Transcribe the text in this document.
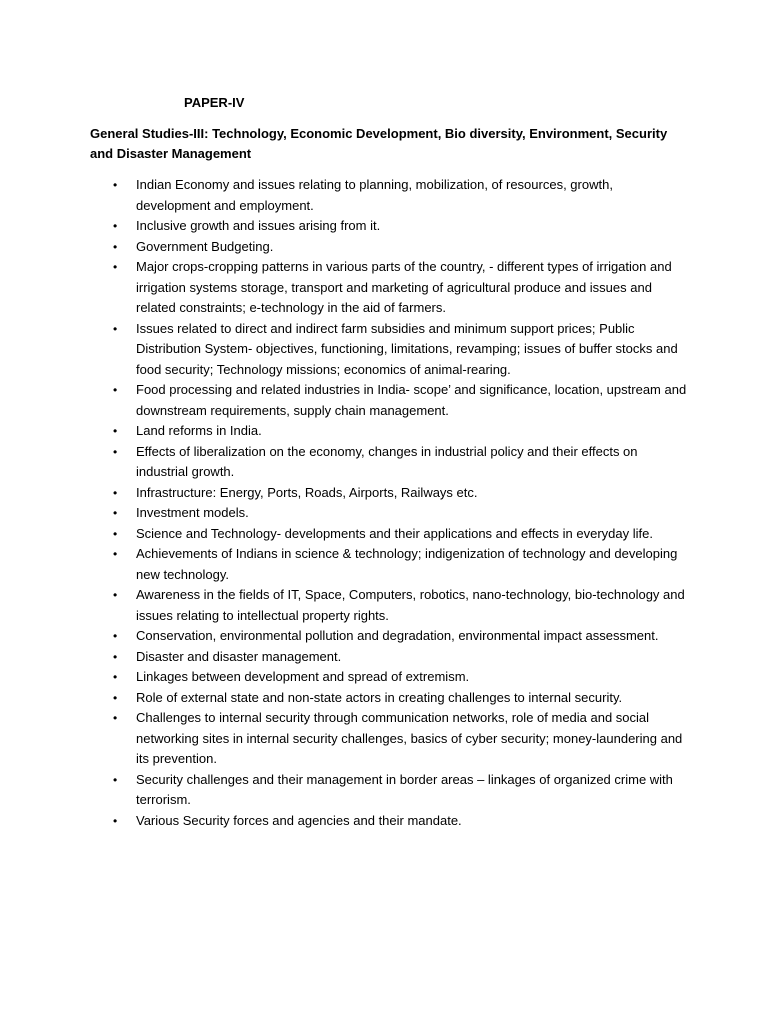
PAPER-IV

General Studies-III: Technology, Economic Development, Bio diversity, Environment, Security and Disaster Management

• Indian Economy and issues relating to planning, mobilization, of resources, growth, development and employment.
• Inclusive growth and issues arising from it.
• Government Budgeting.
• Major crops-cropping patterns in various parts of the country, - different types of irrigation and irrigation systems storage, transport and marketing of agricultural produce and issues and related constraints; e-technology in the aid of farmers.
• Issues related to direct and indirect farm subsidies and minimum support prices; Public Distribution System- objectives, functioning, limitations, revamping; issues of buffer stocks and food security; Technology missions; economics of animal-rearing.
• Food processing and related industries in India- scope’ and significance, location, upstream and downstream requirements, supply chain management.
• Land reforms in India.
• Effects of liberalization on the economy, changes in industrial policy and their effects on industrial growth.
• Infrastructure: Energy, Ports, Roads, Airports, Railways etc.
• Investment models.
• Science and Technology- developments and their applications and effects in everyday life.
• Achievements of Indians in science & technology; indigenization of technology and developing new technology.
• Awareness in the fields of IT, Space, Computers, robotics, nano-technology, bio-technology and issues relating to intellectual property rights.
• Conservation, environmental pollution and degradation, environmental impact assessment.
• Disaster and disaster management.
• Linkages between development and spread of extremism.
• Role of external state and non-state actors in creating challenges to internal security.
• Challenges to internal security through communication networks, role of media and social networking sites in internal security challenges, basics of cyber security; money-laundering and its prevention.
• Security challenges and their management in border areas – linkages of organized crime with terrorism.
• Various Security forces and agencies and their mandate.
